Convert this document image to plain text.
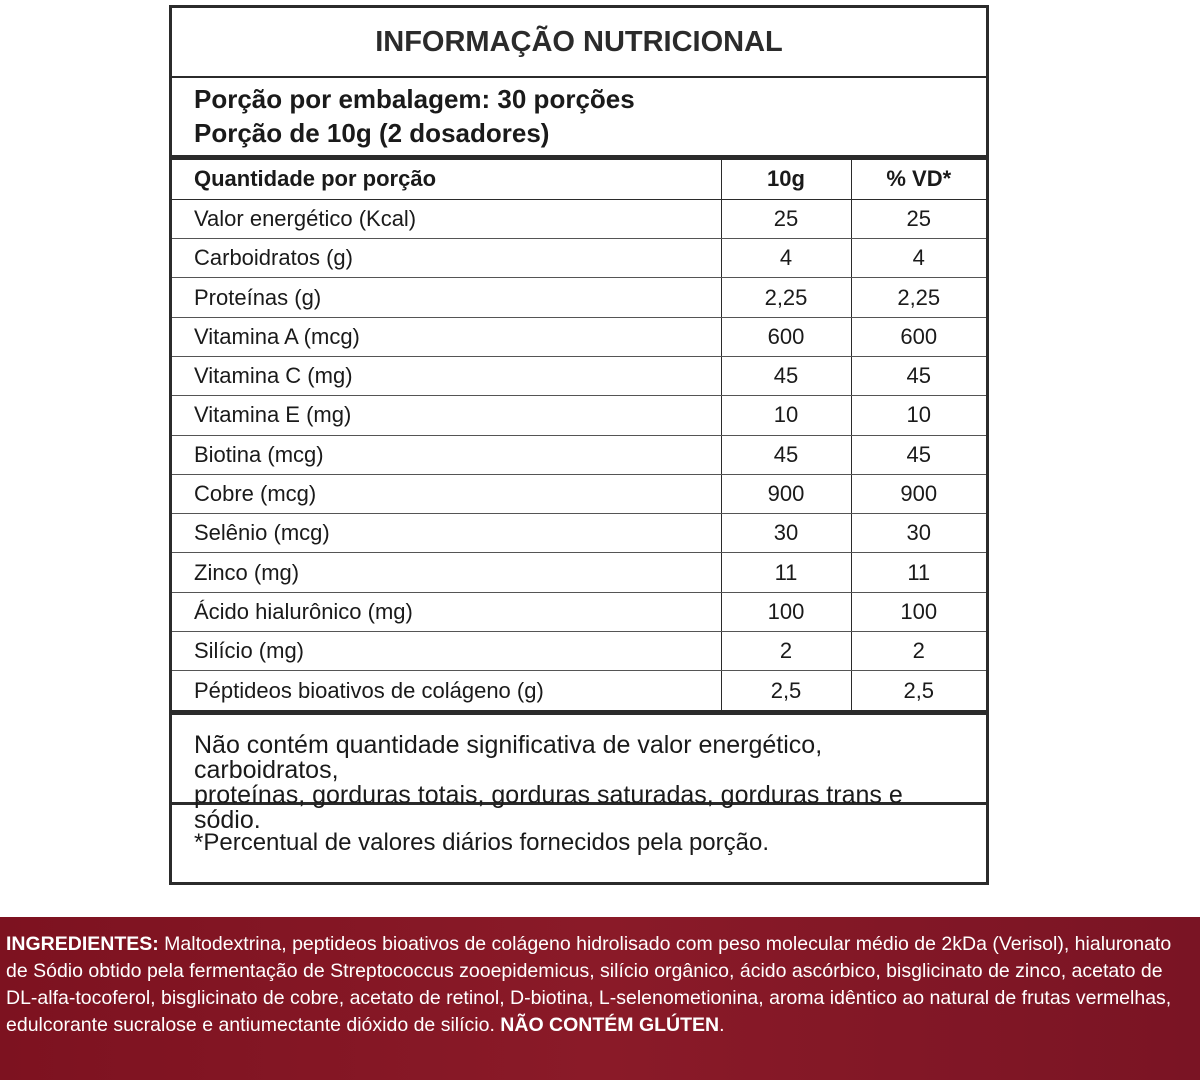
INFORMAÇÃO NUTRICIONAL
Porção por embalagem: 30 porções
Porção de 10g (2 dosadores)
Quantidade por porção	10g	% VD*
Valor energético (Kcal)	25	25
Carboidratos (g)	4	4
Proteínas (g)	2,25	2,25
Vitamina A (mcg)	600	600
Vitamina C (mg)	45	45
Vitamina E (mg)	10	10
Biotina (mcg)	45	45
Cobre (mcg)	900	900
Selênio (mcg)	30	30
Zinco (mg)	11	11
Ácido hialurônico (mg)	100	100
Silício (mg)	2	2
Péptideos bioativos de colágeno (g)	2,5	2,5
Não contém quantidade significativa de valor energético, carboidratos,
proteínas, gorduras totais, gorduras saturadas, gorduras trans e sódio.
*Percentual de valores diários fornecidos pela porção.
INGREDIENTES: Maltodextrina, peptideos bioativos de colágeno hidrolisado com peso molecular médio de 2kDa (Verisol), hialuronato de Sódio obtido pela fermentação de Streptococcus zooepidemicus, silício orgânico, ácido ascórbico, bisglicinato de zinco, acetato de DL-alfa-tocoferol, bisglicinato de cobre, acetato de retinol, D-biotina, L-selenometionina, aroma idêntico ao natural de frutas vermelhas, edulcorante sucralose e antiumectante dióxido de silício. NÃO CONTÉM GLÚTEN.
